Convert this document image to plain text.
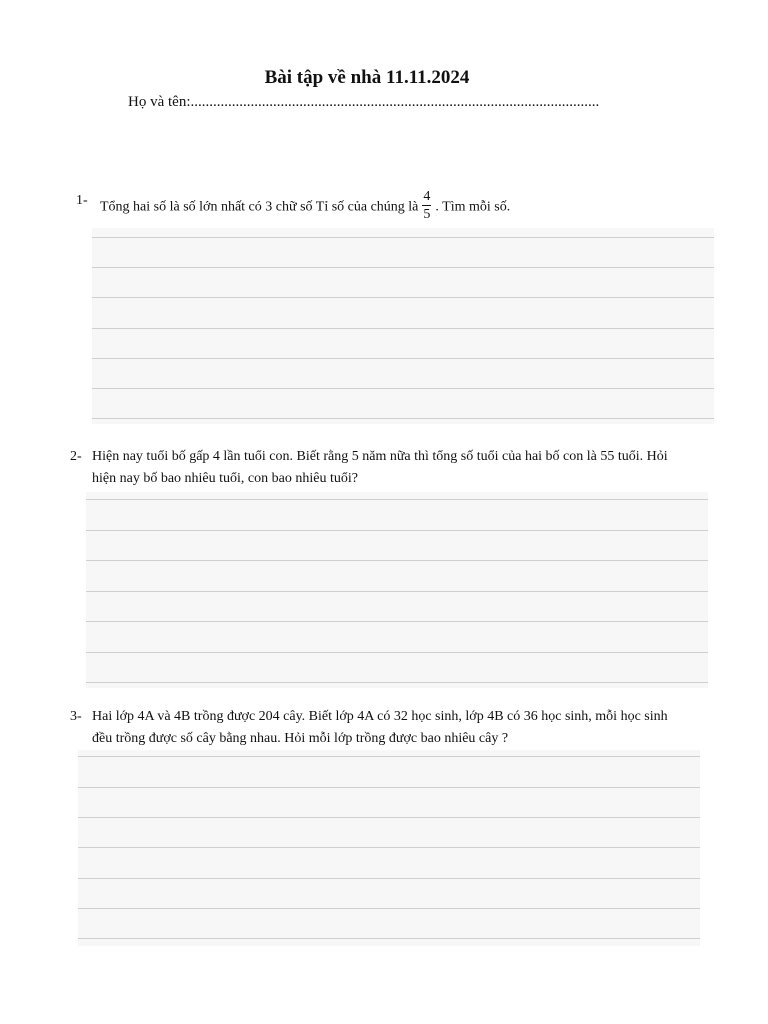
Bài tập về nhà 11.11.2024
Họ và tên:.............................................................................................................
1- Tổng hai số là số lớn nhất có 3 chữ số Tỉ số của chúng là $\frac{4}{5}$ . Tìm mỗi số.
2- Hiện nay tuổi bố gấp 4 lần tuổi con. Biết rằng 5 năm nữa thì tổng số tuổi của hai bố con là 55 tuổi. Hỏi
hiện nay bố bao nhiêu tuổi, con bao nhiêu tuổi?
3- Hai lớp 4A và 4B trồng được 204 cây. Biết lớp 4A có 32 học sinh, lớp 4B có 36 học sinh, mỗi học sinh
đều trồng được số cây bằng nhau. Hỏi mỗi lớp trồng được bao nhiêu cây ?
